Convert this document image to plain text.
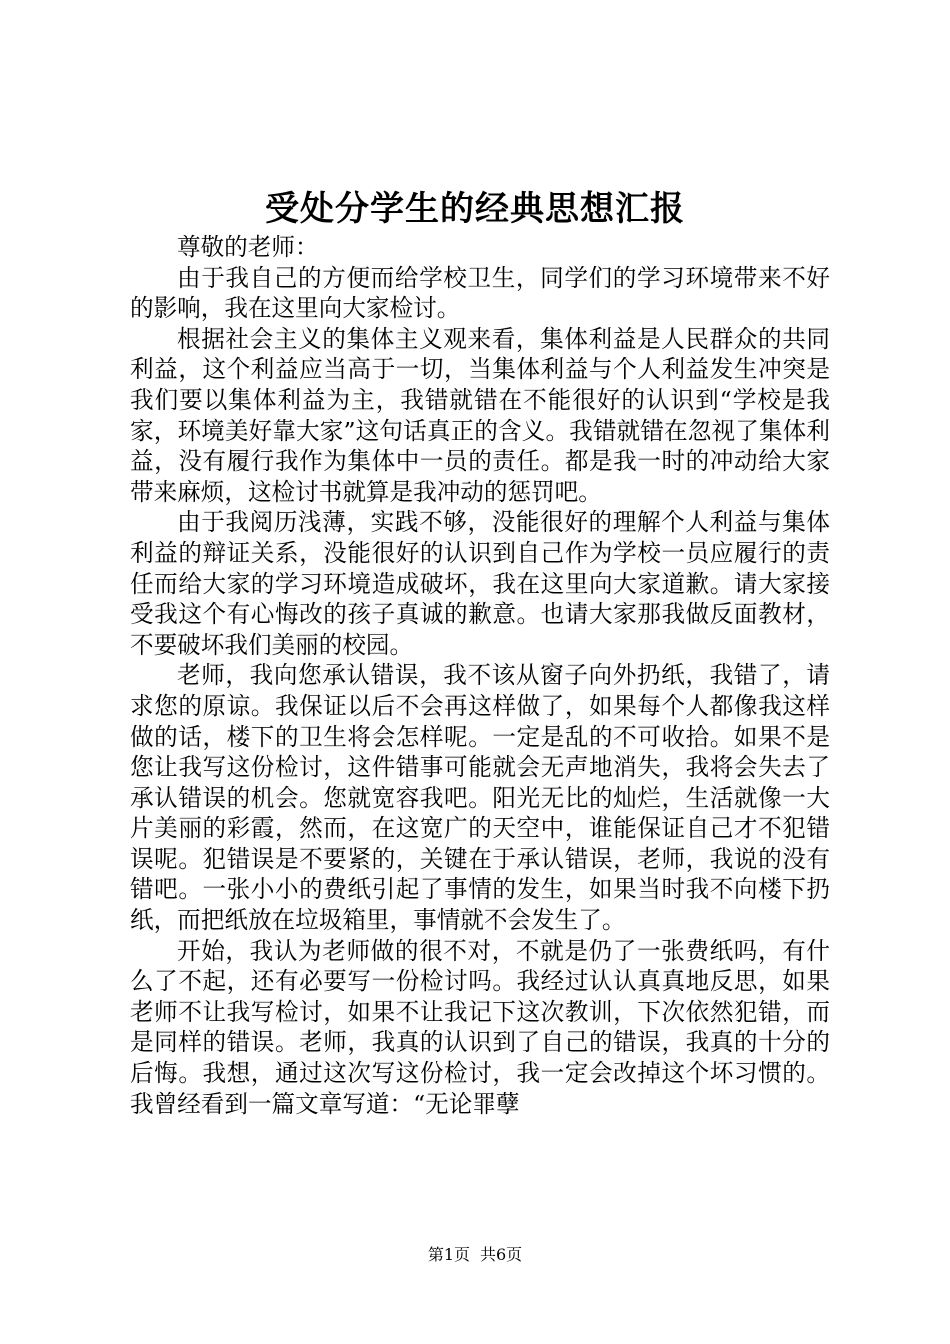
受处分学生的经典思想汇报

尊敬的老师：

由于我自己的方便而给学校卫生，同学们的学习环境带来不好的影响，我在这里向大家检讨。

根据社会主义的集体主义观来看，集体利益是人民群众的共同利益，这个利益应当高于一切，当集体利益与个人利益发生冲突是我们要以集体利益为主，我错就错在不能很好的认识到“学校是我家，环境美好靠大家”这句话真正的含义。我错就错在忽视了集体利益，没有履行我作为集体中一员的责任。都是我一时的冲动给大家带来麻烦，这检讨书就算是我冲动的惩罚吧。

由于我阅历浅薄，实践不够，没能很好的理解个人利益与集体利益的辩证关系，没能很好的认识到自己作为学校一员应履行的责任而给大家的学习环境造成破坏，我在这里向大家道歉。请大家接受我这个有心悔改的孩子真诚的歉意。也请大家那我做反面教材，不要破坏我们美丽的校园。

老师，我向您承认错误，我不该从窗子向外扔纸，我错了，请求您的原谅。我保证以后不会再这样做了，如果每个人都像我这样做的话，楼下的卫生将会怎样呢。一定是乱的不可收拾。如果不是您让我写这份检讨，这件错事可能就会无声地消失，我将会失去了承认错误的机会。您就宽容我吧。阳光无比的灿烂，生活就像一大片美丽的彩霞，然而，在这宽广的天空中，谁能保证自己才不犯错误呢。犯错误是不要紧的，关键在于承认错误，老师，我说的没有错吧。一张小小的费纸引起了事情的发生，如果当时我不向楼下扔纸，而把纸放在垃圾箱里，事情就不会发生了。

开始，我认为老师做的很不对，不就是仍了一张费纸吗，有什么了不起，还有必要写一份检讨吗。我经过认认真真地反思，如果老师不让我写检讨，如果不让我记下这次教训，下次依然犯错，而是同样的错误。老师，我真的认识到了自己的错误，我真的十分的后悔。我想，通过这次写这份检讨，我一定会改掉这个坏习惯的。我曾经看到一篇文章写道：“无论罪孽

第1页 共6页
